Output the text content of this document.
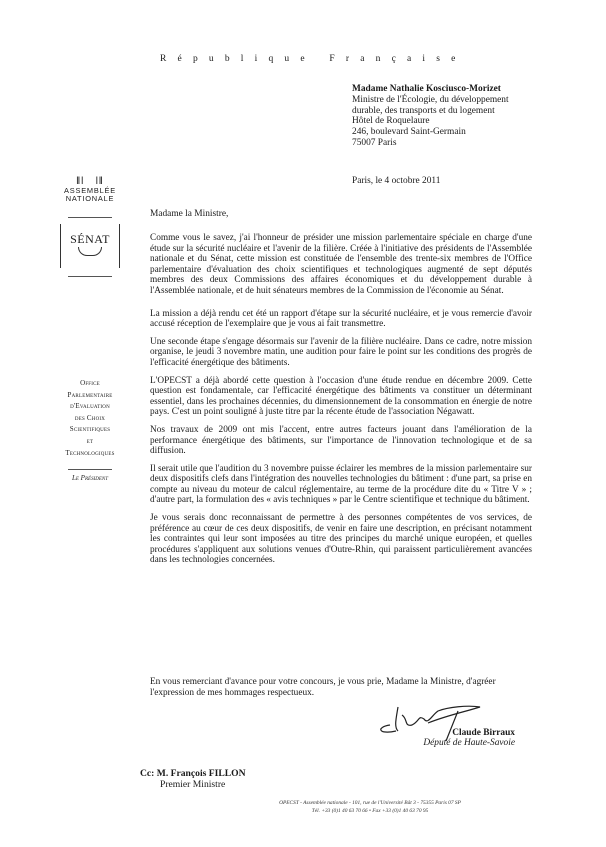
République Française
ǁǀ   ǀǁ
ASSEMBLÉE
NATIONALE
SÉNAT
Office
Parlementaire
d'Evaluation
des Choix
Scientifiques
et
Technologiques
Le Président
Madame Nathalie Kosciusco-Morizet
Ministre de l'Écologie, du développement
durable, des transports et du logement
Hôtel de Roquelaure
246, boulevard Saint-Germain
75007 Paris
Paris, le 4 octobre 2011
Madame la Ministre,

Comme vous le savez, j'ai l'honneur de présider une mission parlementaire spéciale en charge d'une étude sur la sécurité nucléaire et l'avenir de la filière. Créée à l'initiative des présidents de l'Assemblée nationale et du Sénat, cette mission est constituée de l'ensemble des trente-six membres de l'Office parlementaire d'évaluation des choix scientifiques et technologiques augmenté de sept députés membres des deux Commissions des affaires économiques et du développement durable à l'Assemblée nationale, et de huit sénateurs membres de la Commission de l'économie au Sénat.

La mission a déjà rendu cet été un rapport d'étape sur la sécurité nucléaire, et je vous remercie d'avoir accusé réception de l'exemplaire que je vous ai fait transmettre.

Une seconde étape s'engage désormais sur l'avenir de la filière nucléaire. Dans ce cadre, notre mission organise, le jeudi 3 novembre matin, une audition pour faire le point sur les conditions des progrès de l'efficacité énergétique des bâtiments.

L'OPECST a déjà abordé cette question à l'occasion d'une étude rendue en décembre 2009. Cette question est fondamentale, car l'efficacité énergétique des bâtiments va constituer un déterminant essentiel, dans les prochaines décennies, du dimensionnement de la consommation en énergie de notre pays. C'est un point souligné à juste titre par la récente étude de l'association Négawatt.

Nos travaux de 2009 ont mis l'accent, entre autres facteurs jouant dans l'amélioration de la performance énergétique des bâtiments, sur l'importance de l'innovation technologique et de sa diffusion.

Il serait utile que l'audition du 3 novembre puisse éclairer les membres de la mission parlementaire sur deux dispositifs clefs dans l'intégration des nouvelles technologies du bâtiment : d'une part, sa prise en compte au niveau du moteur de calcul réglementaire, au terme de la procédure dite du « Titre V » ; d'autre part, la formulation des « avis techniques » par le Centre scientifique et technique du bâtiment.

Je vous serais donc reconnaissant de permettre à des personnes compétentes de vos services, de préférence au cœur de ces deux dispositifs, de venir en faire une description, en précisant notamment les contraintes qui leur sont imposées au titre des principes du marché unique européen, et quelles procédures s'appliquent aux solutions venues d'Outre-Rhin, qui paraissent particulièrement avancées dans les technologies concernées.

En vous remerciant d'avance pour votre concours, je vous prie, Madame la Ministre, d'agréer l'expression de mes hommages respectueux.
Claude Birraux
Député de Haute-Savoie
Cc: M. François FILLON
Premier Ministre
OPECST - Assemblée nationale - 101, rue de l'Université Bât 3 - 75355 Paris 07 SP
Tél. +33 (0)1 40 63 70 66 • Fax +33 (0)1 40 63 70 95
